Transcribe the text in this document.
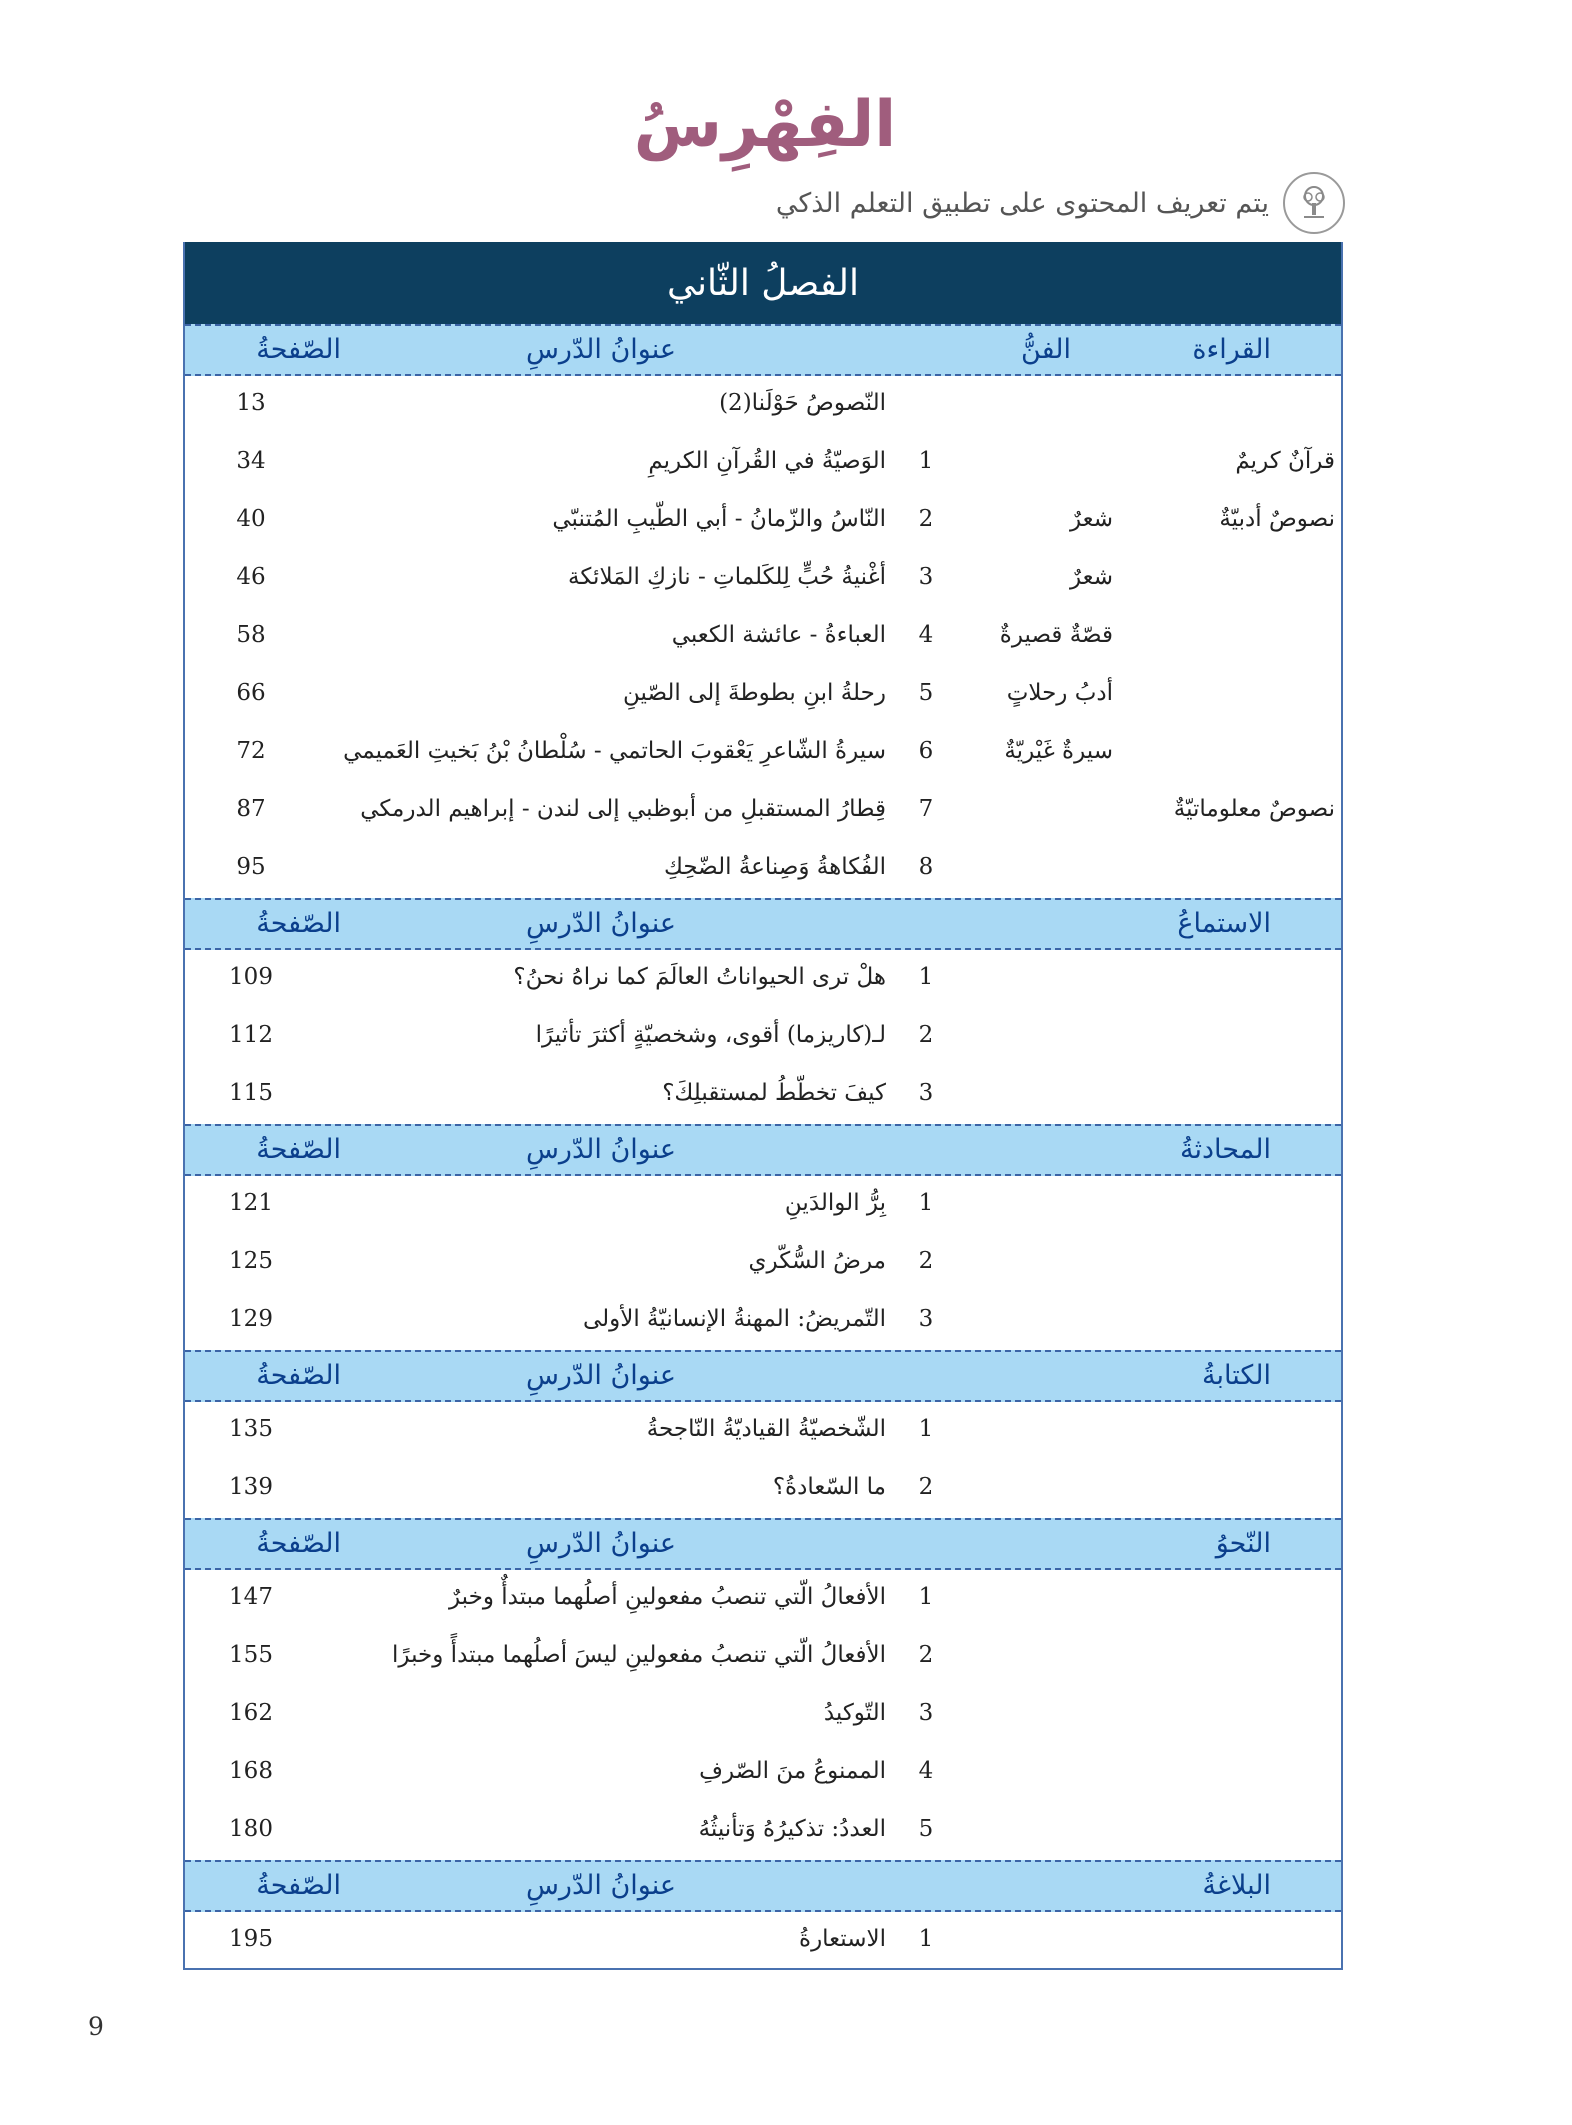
الفِهْرِسُ
يتم تعريف المحتوى على تطبيق التعلم الذكي
الفصلُ الثّاني
القراءة
الفنُّ
عنوانُ الدّرسِ
الصّفحةُ
النّصوصُ حَوْلَنا(2)
13
قرآنٌ كريمٌ
1
الوَصيّةُ في القُرآنِ الكريمِ
34
نصوصٌ أدبيّةٌ
شعرٌ
2
النّاسُ والزّمانُ - أبي الطّيبِ المُتنبّي
40
شعرٌ
3
أغْنيةُ حُبٍّ لِلكَلماتِ - نازكِ المَلائكة
46
قصّةٌ قصيرةٌ
4
العباءةُ - عائشة الكعبي
58
أدبُ رحلاتٍ
5
رحلةُ ابنِ بطوطةَ إلى الصّينِ
66
سيرةٌ غَيْريّةٌ
6
سيرةُ الشّاعرِ يَعْقوبَ الحاتمي - سُلْطانُ بْنُ بَخيتِ العَميمي
72
نصوصٌ معلوماتيّةٌ
7
قِطارُ المستقبلِ من أبوظبي إلى لندن - إبراهيم الدرمكي
87
8
الفُكاهةُ وَصِناعةُ الضّحِكِ
95
الاستماعُ
عنوانُ الدّرسِ
الصّفحةُ
1
هلْ ترى الحيواناتُ العالَمَ كما نراهُ نحنُ؟
109
2
لـ(كاريزما) أقوى، وشخصيّةٍ أكثرَ تأثيرًا
112
3
كيفَ تخطّطُ لمستقبلِكَ؟
115
المحادثةُ
عنوانُ الدّرسِ
الصّفحةُ
1
بِرُّ الوالدَينِ
121
2
مرضُ السُّكّري
125
3
التّمريضُ: المهنةُ الإنسانيّةُ الأولى
129
الكتابةُ
عنوانُ الدّرسِ
الصّفحةُ
1
الشّخصيّةُ القياديّةُ النّاجحةُ
135
2
ما السّعادةُ؟
139
النّحوُ
عنوانُ الدّرسِ
الصّفحةُ
1
الأفعالُ الّتي تنصبُ مفعولينِ أصلُهما مبتدأٌ وخبرٌ
147
2
الأفعالُ الّتي تنصبُ مفعولينِ ليسَ أصلُهما مبتدأً وخبرًا
155
3
التّوكيدُ
162
4
الممنوعُ منَ الصّرفِ
168
5
العددُ: تذكيرُهُ وَتأنيثُهُ
180
البلاغةُ
عنوانُ الدّرسِ
الصّفحةُ
1
الاستعارةُ
195
9
